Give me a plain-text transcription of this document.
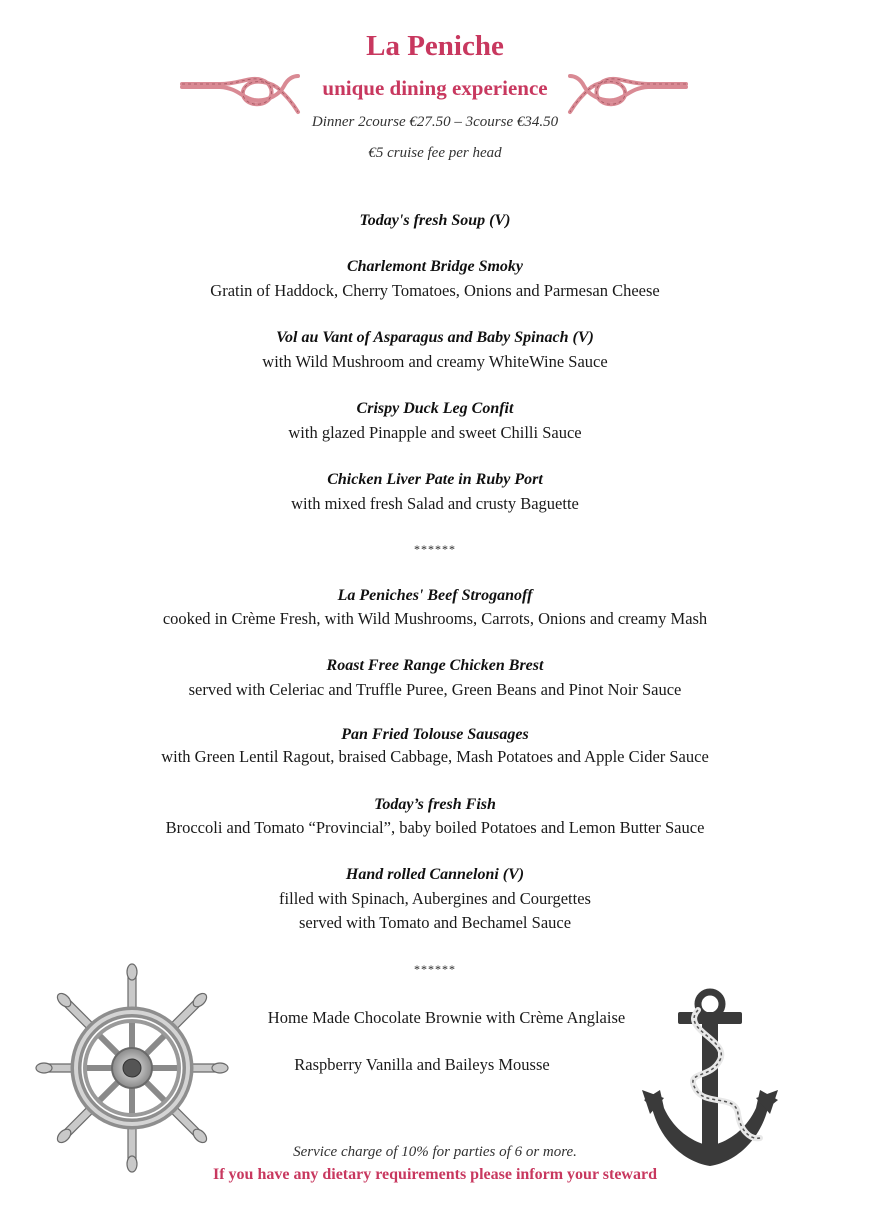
La Peniche
unique dining experience
Dinner 2course €27.50 – 3course €34.50
€5 cruise fee per head
Today's fresh Soup (V)
Charlemont Bridge Smoky
Gratin of Haddock, Cherry Tomatoes, Onions and Parmesan Cheese
Vol au Vant of Asparagus and Baby Spinach (V)
with Wild Mushroom and creamy WhiteWine Sauce
Crispy Duck Leg Confit
with glazed Pinapple and sweet Chilli Sauce
Chicken Liver Pate in Ruby Port
with mixed fresh Salad and crusty Baguette
******
La Peniches' Beef Stroganoff
cooked in Crème Fresh, with Wild Mushrooms, Carrots, Onions and creamy Mash
Roast Free Range Chicken Brest
served with Celeriac and Truffle Puree, Green Beans and Pinot Noir Sauce
Pan Fried Tolouse Sausages
with Green Lentil Ragout, braised Cabbage, Mash Potatoes and Apple Cider Sauce
Today’s fresh Fish
Broccoli and Tomato “Provincial”, baby boiled Potatoes and Lemon Butter Sauce
Hand rolled Canneloni (V)
filled with Spinach, Aubergines and Courgettes
served with Tomato and Bechamel Sauce
******
Home Made Chocolate Brownie with Crème Anglaise
Raspberry Vanilla and Baileys Mousse
Service charge of 10% for parties of 6 or more.
If you have any dietary requirements please inform your steward
